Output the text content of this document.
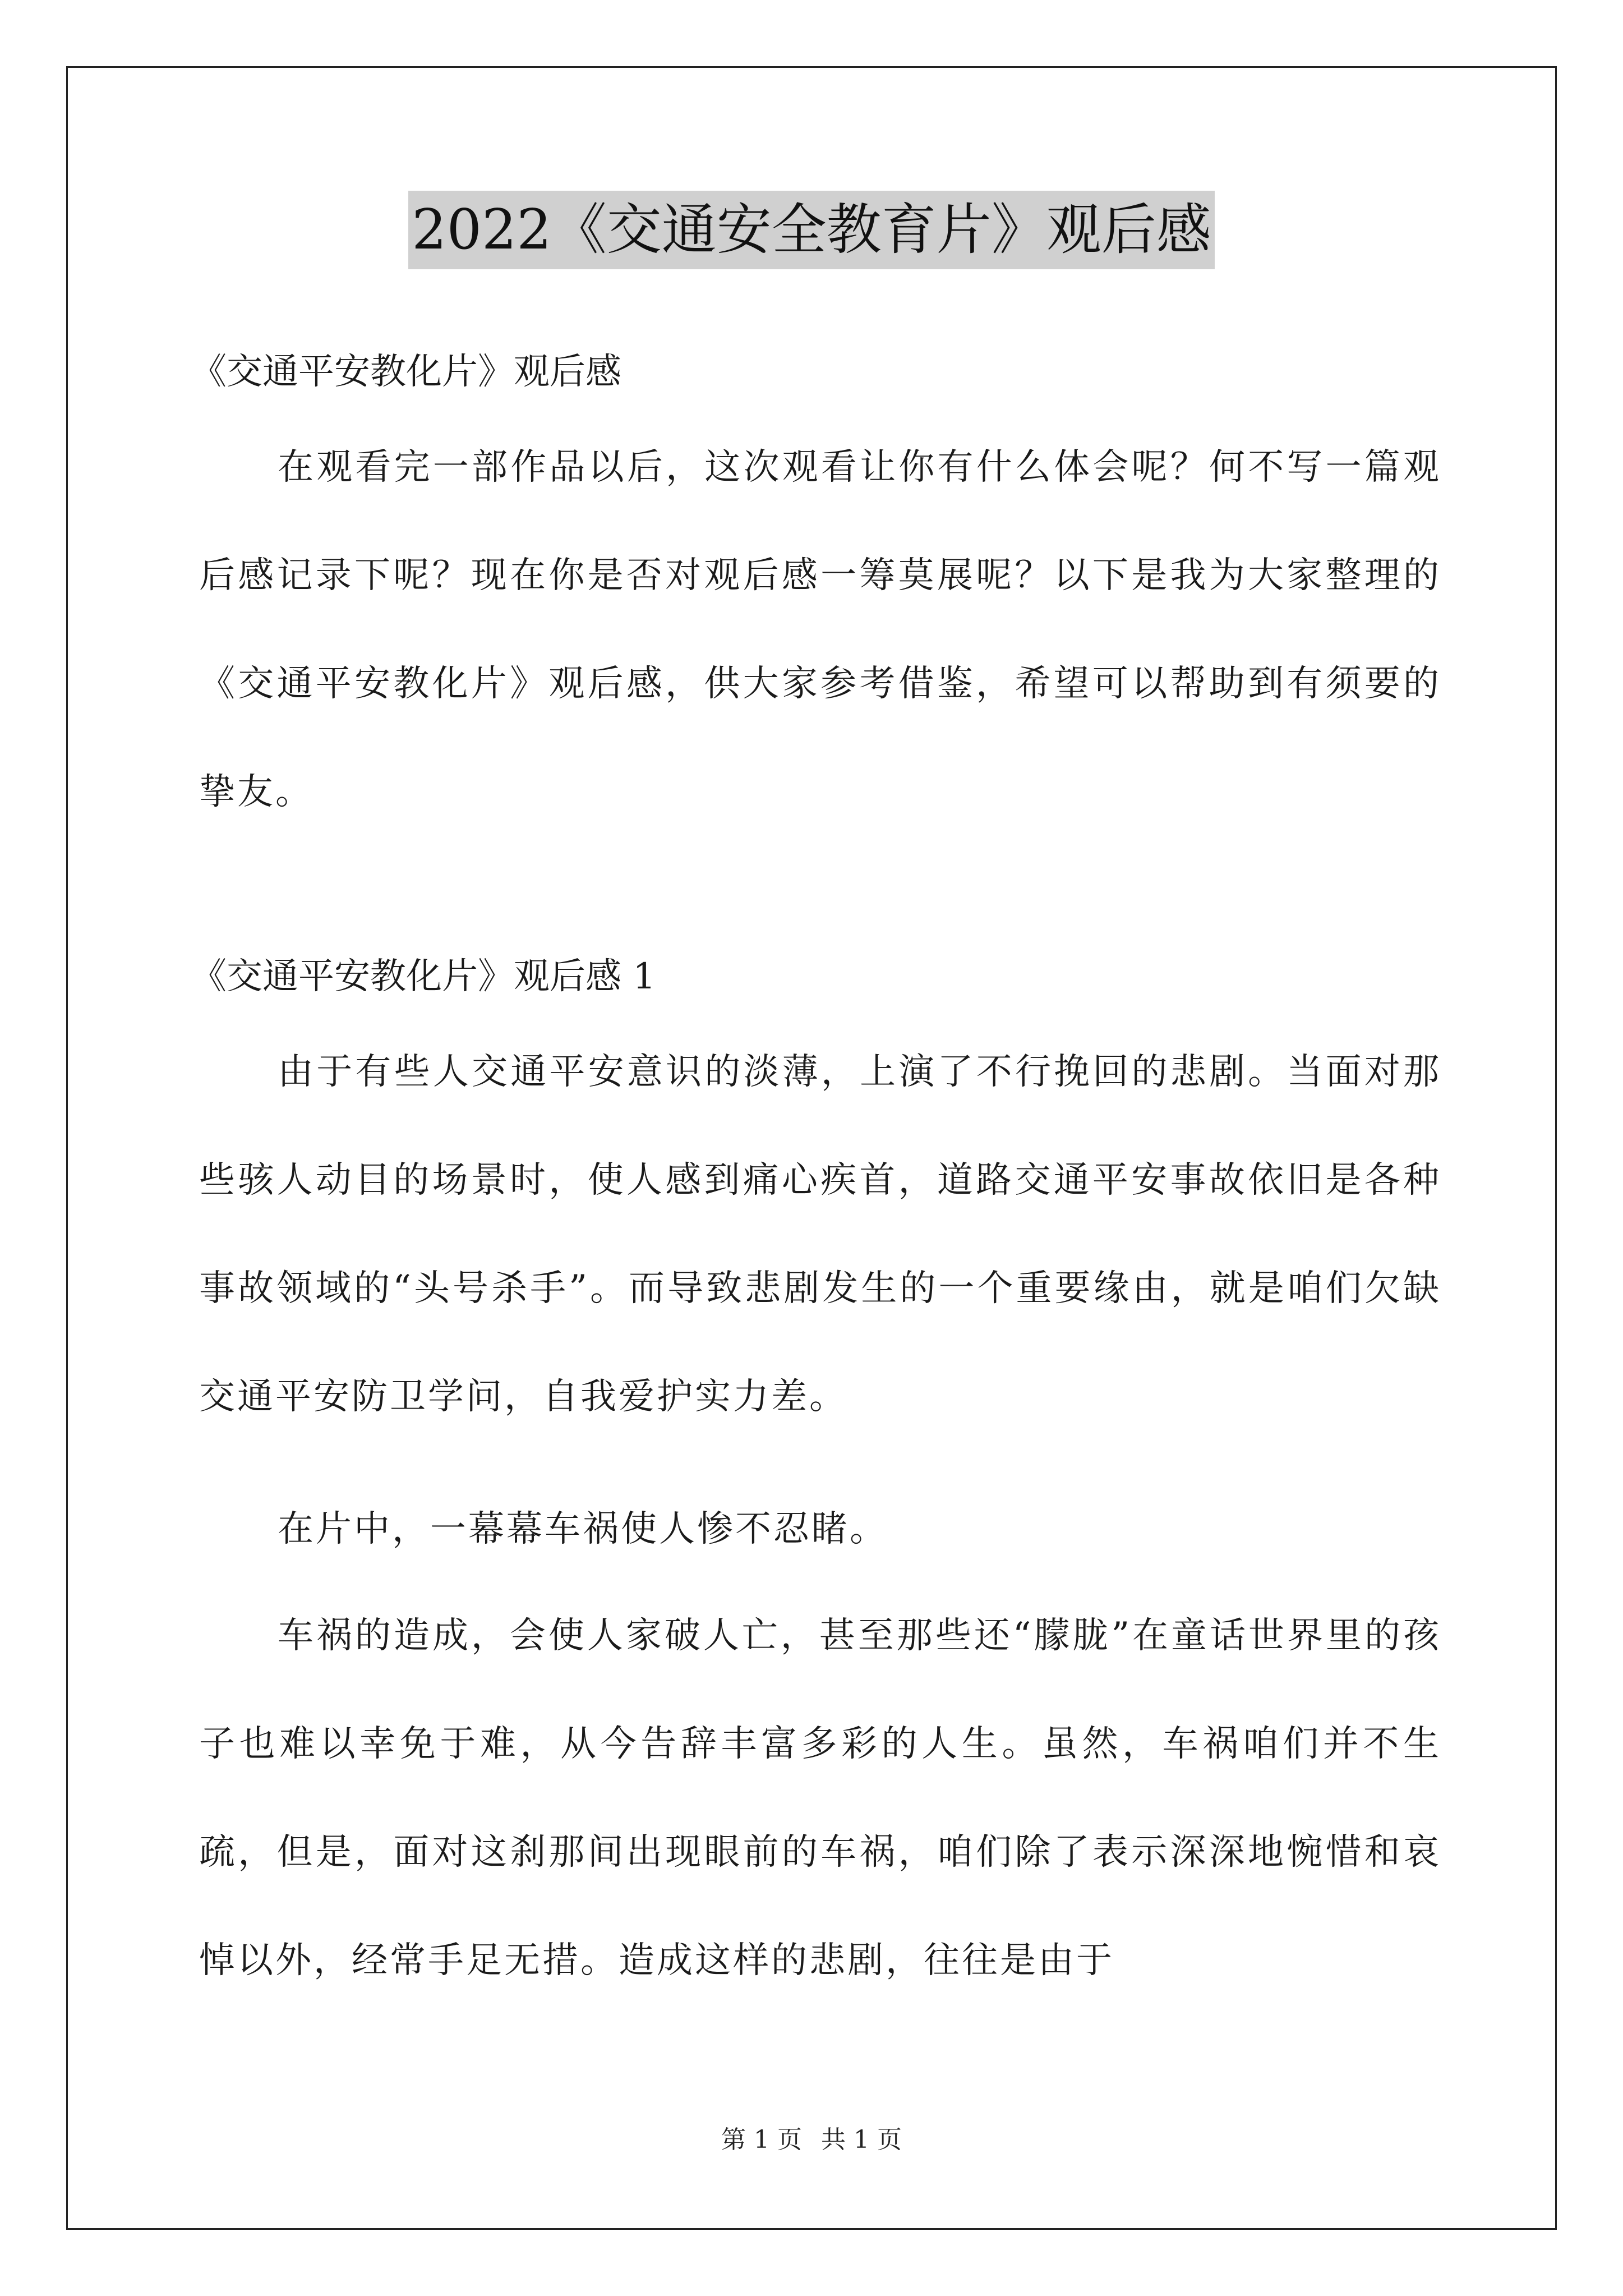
2022《交通安全教育片》观后感
《交通平安教化片》观后感
在观看完一部作品以后，这次观看让你有什么体会呢？何不写一篇观后感记录下呢？现在你是否对观后感一筹莫展呢？以下是我为大家整理的《交通平安教化片》观后感，供大家参考借鉴，希望可以帮助到有须要的挚友。
《交通平安教化片》观后感 1
由于有些人交通平安意识的淡薄，上演了不行挽回的悲剧。当面对那些骇人动目的场景时，使人感到痛心疾首，道路交通平安事故依旧是各种事故领域的“头号杀手”。而导致悲剧发生的一个重要缘由，就是咱们欠缺交通平安防卫学问，自我爱护实力差。
在片中，一幕幕车祸使人惨不忍睹。
车祸的造成，会使人家破人亡，甚至那些还“朦胧”在童话世界里的孩子也难以幸免于难，从今告辞丰富多彩的人生。虽然，车祸咱们并不生疏，但是，面对这刹那间出现眼前的车祸，咱们除了表示深深地惋惜和哀悼以外，经常手足无措。造成这样的悲剧，往往是由于
第 1 页 共 1 页
